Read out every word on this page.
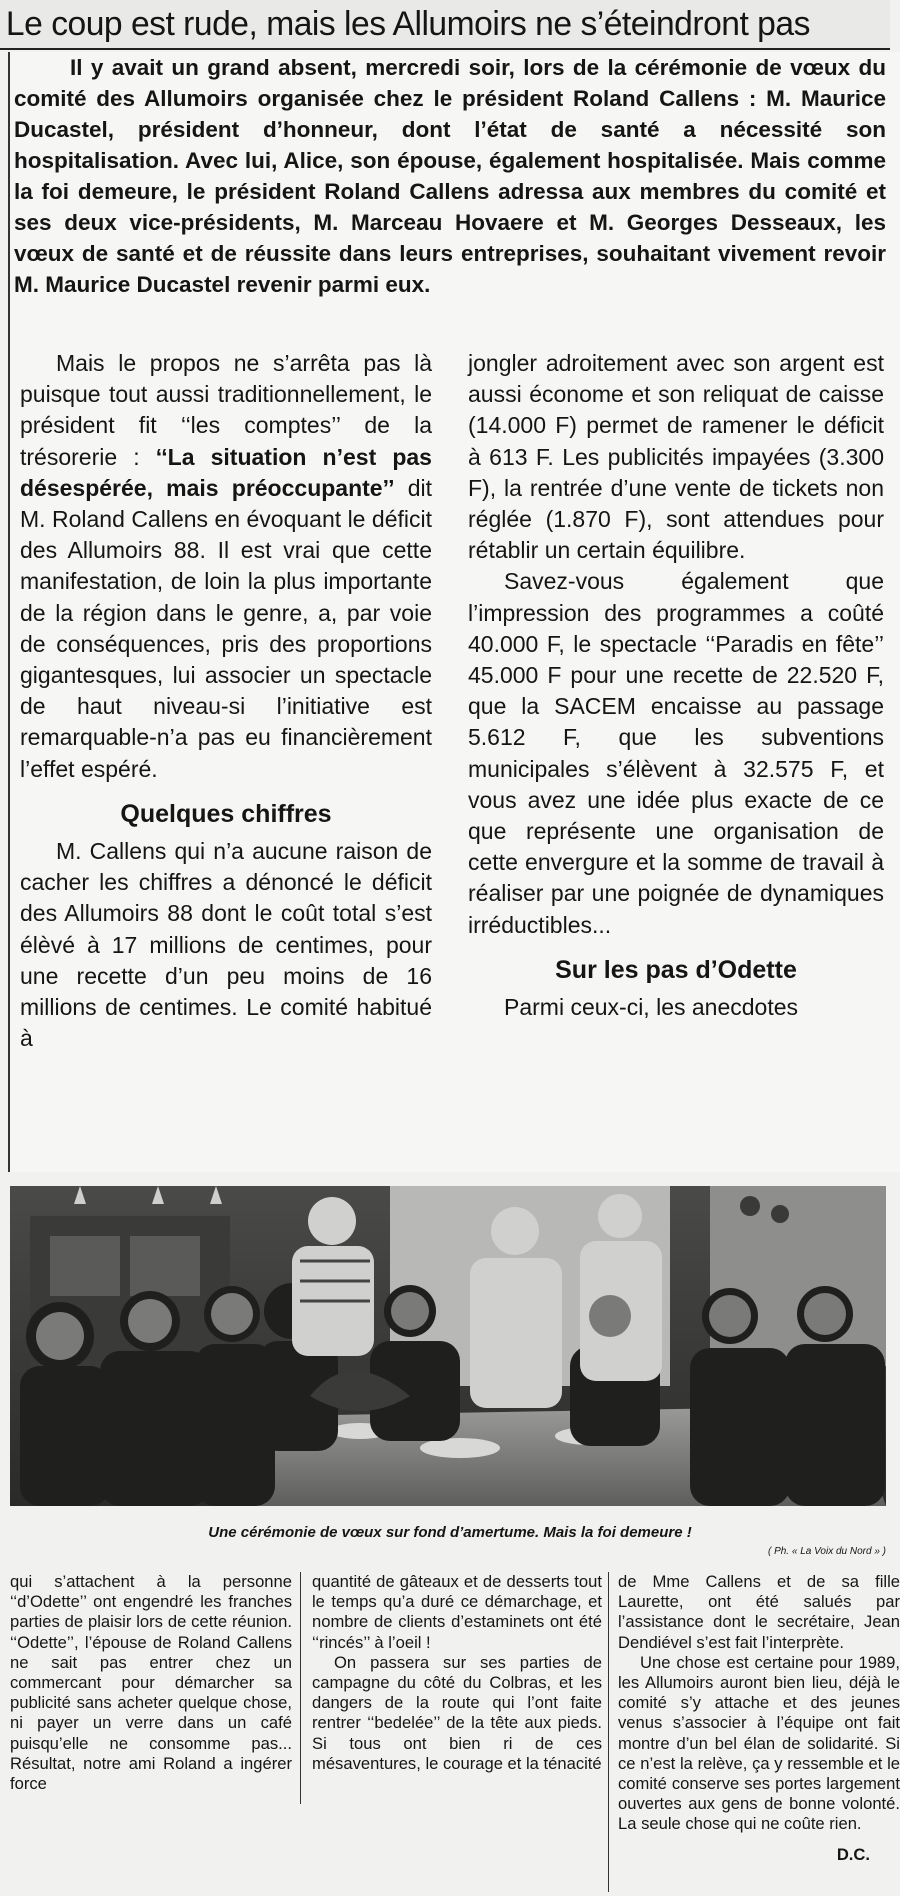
Le coup est rude, mais les Allumoirs ne s’éteindront pas
Il y avait un grand absent, mercredi soir, lors de la cérémonie de vœux du comité des Allumoirs organisée chez le président Roland Callens : M. Maurice Ducastel, président d’honneur, dont l’état de santé a nécessité son hospitalisation. Avec lui, Alice, son épouse, également hospitalisée. Mais comme la foi demeure, le président Roland Callens adressa aux membres du comité et ses deux vice-présidents, M. Marceau Hovaere et M. Georges Desseaux, les vœux de santé et de réussite dans leurs entreprises, souhaitant vivement revoir M. Maurice Ducastel revenir parmi eux.

Mais le propos ne s’arrêta pas là puisque tout aussi traditionnellement, le président fit ‘‘les comptes’’ de la trésorerie : ‘‘La situation n’est pas désespérée, mais préoccupante’’ dit M. Roland Callens en évoquant le déficit des Allumoirs 88. Il est vrai que cette manifestation, de loin la plus importante de la région dans le genre, a, par voie de conséquences, pris des proportions gigantesques, lui associer un spectacle de haut niveau-si l’initiative est remarquable-n’a pas eu financièrement l’effet espéré.

Quelques chiffres

M. Callens qui n’a aucune raison de cacher les chiffres a dénoncé le déficit des Allumoirs 88 dont le coût total s’est élèvé à 17 millions de centimes, pour une recette d’un peu moins de 16 millions de centimes. Le comité habitué à

jongler adroitement avec son argent est aussi économe et son reliquat de caisse (14.000 F) permet de ramener le déficit à 613 F. Les publicités impayées (3.300 F), la rentrée d’une vente de tickets non réglée (1.870 F), sont attendues pour rétablir un certain équilibre.

Savez-vous également que l’impression des programmes a coûté 40.000 F, le spectacle ‘‘Paradis en fête’’ 45.000 F pour une recette de 22.520 F, que la SACEM encaisse au passage 5.612 F, que les subventions municipales s’élèvent à 32.575 F, et vous avez une idée plus exacte de ce que représente une organisation de cette envergure et la somme de travail à réaliser par une poignée de dynamiques irréductibles...

Sur les pas d’Odette

Parmi ceux-ci, les anecdotes

Une cérémonie de vœux sur fond d’amertume. Mais la foi demeure !
( Ph. « La Voix du Nord » )

qui s’attachent à la personne ‘‘d’Odette’’ ont engendré les franches parties de plaisir lors de cette réunion. ‘‘Odette’’, l’épouse de Roland Callens ne sait pas entrer chez un commercant pour démarcher sa publicité sans acheter quelque chose, ni payer un verre dans un café puisqu’elle ne consomme pas... Résultat, notre ami Roland a ingérer force

quantité de gâteaux et de desserts tout le temps qu’a duré ce démarchage, et nombre de clients d’estaminets ont été ‘‘rincés’’ à l’oeil !

On passera sur ses parties de campagne du côté du Colbras, et les dangers de la route qui l’ont faite rentrer ‘‘bedelée’’ de la tête aux pieds. Si tous ont bien ri de ces mésaventures, le courage et la ténacité

de Mme Callens et de sa fille Laurette, ont été salués par l’assistance dont le secrétaire, Jean Dendiével s’est fait l’interprète.

Une chose est certaine pour 1989, les Allumoirs auront bien lieu, déjà le comité s’y attache et des jeunes venus s’associer à l’équipe ont fait montre d’un bel élan de solidarité. Si ce n’est la relève, ça y ressemble et le comité conserve ses portes largement ouvertes aux gens de bonne volonté. La seule chose qui ne coûte rien.

D.C.
